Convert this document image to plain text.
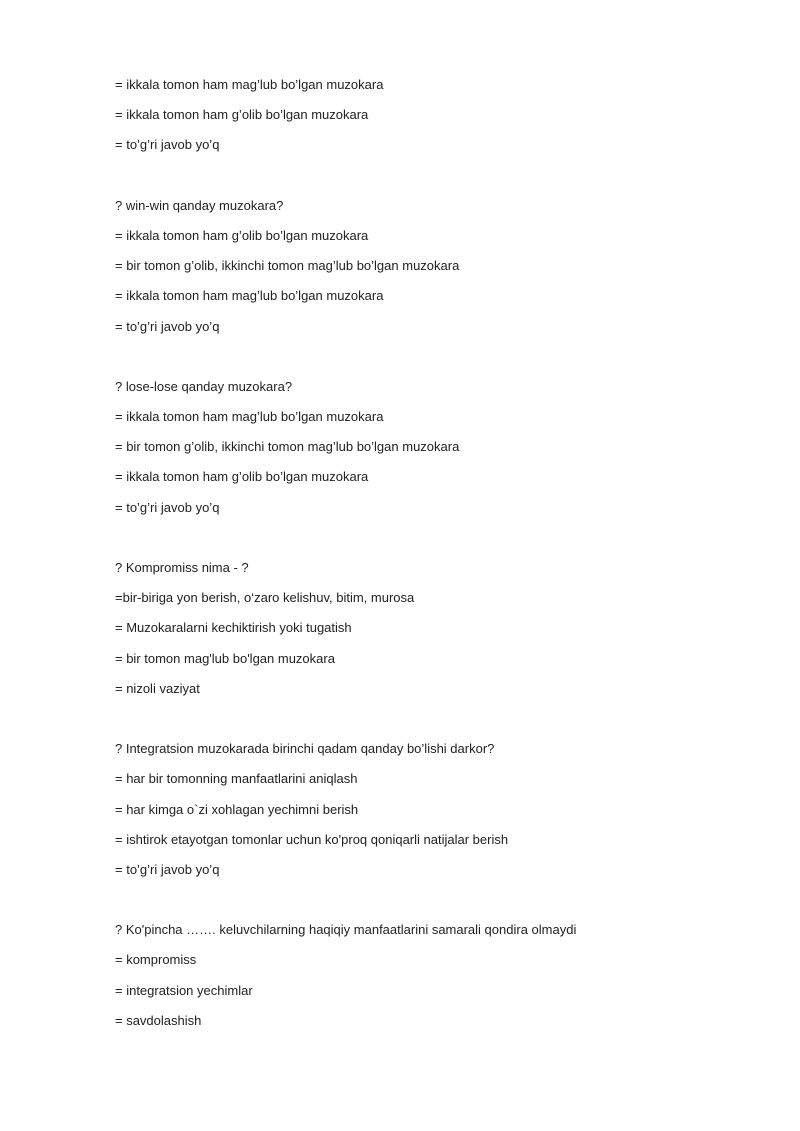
= ikkala tomon ham mag’lub bo’lgan muzokara
= ikkala tomon ham g’olib bo’lgan muzokara
= to’g’ri javob yo’q
? win-win qanday muzokara?
= ikkala tomon ham g’olib bo’lgan muzokara
= bir tomon g’olib, ikkinchi tomon mag’lub bo’lgan muzokara
= ikkala tomon ham mag’lub bo’lgan muzokara
= to’g’ri javob yo’q
? lose-lose qanday muzokara?
= ikkala tomon ham mag’lub bo’lgan muzokara
= bir tomon g’olib, ikkinchi tomon mag’lub bo’lgan muzokara
= ikkala tomon ham g’olib bo’lgan muzokara
= to’g’ri javob yo’q
? Kompromiss nima - ?
=bir-biriga yon berish, o‘zaro kelishuv, bitim, murosa
= Muzokaralarni kechiktirish yoki tugatish
= bir tomon mag'lub bo'lgan muzokara
= nizoli vaziyat
? Integratsion muzokarada birinchi qadam qanday bo’lishi darkor?
= har bir tomonning manfaatlarini aniqlash
= har kimga o`zi xohlagan yechimni berish
= ishtirok etayotgan tomonlar uchun ko'proq qoniqarli natijalar berish
= to’g’ri javob yo’q
? Ko'pincha ……. keluvchilarning haqiqiy manfaatlarini samarali qondira olmaydi
= kompromiss
= integratsion yechimlar
= savdolashish
